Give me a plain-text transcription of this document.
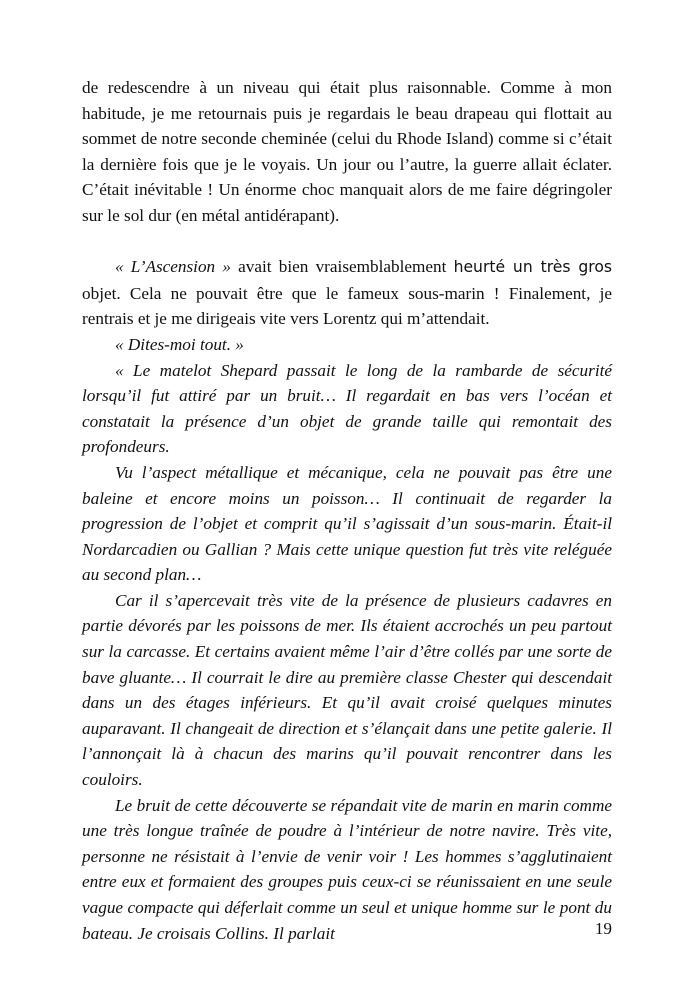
de redescendre à un niveau qui était plus raisonnable. Comme à mon habitude, je me retournais puis je regardais le beau drapeau qui flottait au sommet de notre seconde cheminée (celui du Rhode Island) comme si c’était la dernière fois que je le voyais. Un jour ou l’autre, la guerre allait éclater. C’était inévitable ! Un énorme choc manquait alors de me faire dégringoler sur le sol dur (en métal antidérapant).

« L’Ascension » avait bien vraisemblablement heurté un très gros objet. Cela ne pouvait être que le fameux sous-marin ! Finalement, je rentrais et je me dirigeais vite vers Lorentz qui m’attendait.

« Dites-moi tout. »

« Le matelot Shepard passait le long de la rambarde de sécurité lorsqu’il fut attiré par un bruit… Il regardait en bas vers l’océan et constatait la présence d’un objet de grande taille qui remontait des profondeurs.

Vu l’aspect métallique et mécanique, cela ne pouvait pas être une baleine et encore moins un poisson… Il continuait de regarder la progression de l’objet et comprit qu’il s’agissait d’un sous-marin. Était-il Nordarcadien ou Gallian ? Mais cette unique question fut très vite reléguée au second plan…

Car il s’apercevait très vite de la présence de plusieurs cadavres en partie dévorés par les poissons de mer. Ils étaient accrochés un peu partout sur la carcasse. Et certains avaient même l’air d’être collés par une sorte de bave gluante… Il courrait le dire au première classe Chester qui descendait dans un des étages inférieurs. Et qu’il avait croisé quelques minutes auparavant. Il changeait de direction et s’élançait dans une petite galerie. Il l’annonçait là à chacun des marins qu’il pouvait rencontrer dans les couloirs.

Le bruit de cette découverte se répandait vite de marin en marin comme une très longue traînée de poudre à l’intérieur de notre navire. Très vite, personne ne résistait à l’envie de venir voir ! Les hommes s’agglutinaient entre eux et formaient des groupes puis ceux-ci se réunissaient en une seule vague compacte qui déferlait comme un seul et unique homme sur le pont du bateau. Je croisais Collins. Il parlait	19
